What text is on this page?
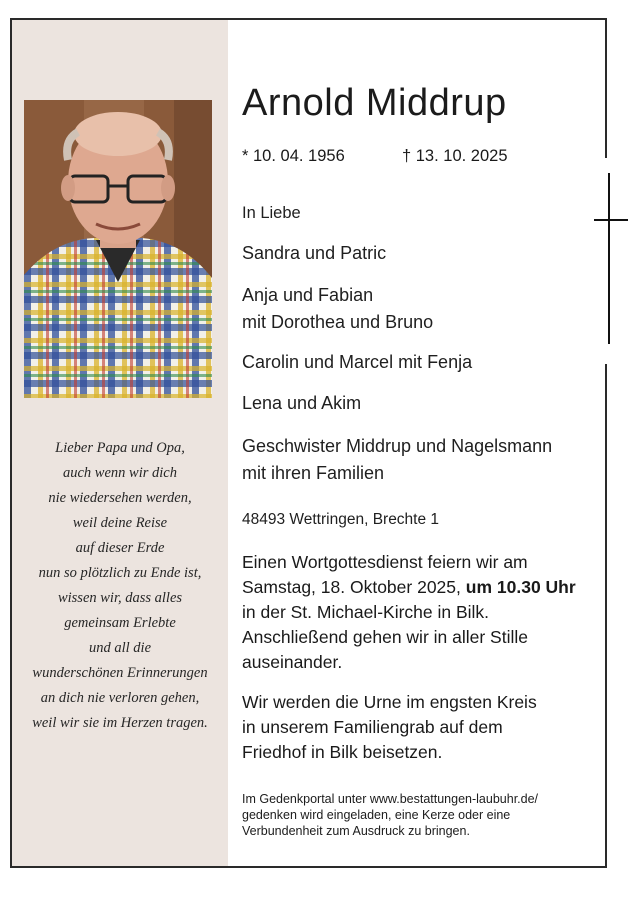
Lieber Papa und Opa,
auch wenn wir dich
nie wiedersehen werden,
weil deine Reise
auf dieser Erde
nun so plötzlich zu Ende ist,
wissen wir, dass alles
gemeinsam Erlebte
und all die
wunderschönen Erinnerungen
an dich nie verloren gehen,
weil wir sie im Herzen tragen.
Arnold Middrup
* 10. 04. 1956	† 13. 10. 2025
In Liebe
Sandra und Patric
Anja und Fabian
mit Dorothea und Bruno
Carolin und Marcel mit Fenja
Lena und Akim
Geschwister Middrup und Nagelsmann
mit ihren Familien
48493 Wettringen, Brechte 1
Einen Wortgottesdienst feiern wir am
Samstag, 18. Oktober 2025, um 10.30 Uhr
in der St. Michael-Kirche in Bilk.
Anschließend gehen wir in aller Stille
auseinander.
Wir werden die Urne im engsten Kreis
in unserem Familiengrab auf dem
Friedhof in Bilk beisetzen.
Im Gedenkportal unter www.bestattungen-laubuhr.de/
gedenken wird eingeladen, eine Kerze oder eine
Verbundenheit zum Ausdruck zu bringen.
